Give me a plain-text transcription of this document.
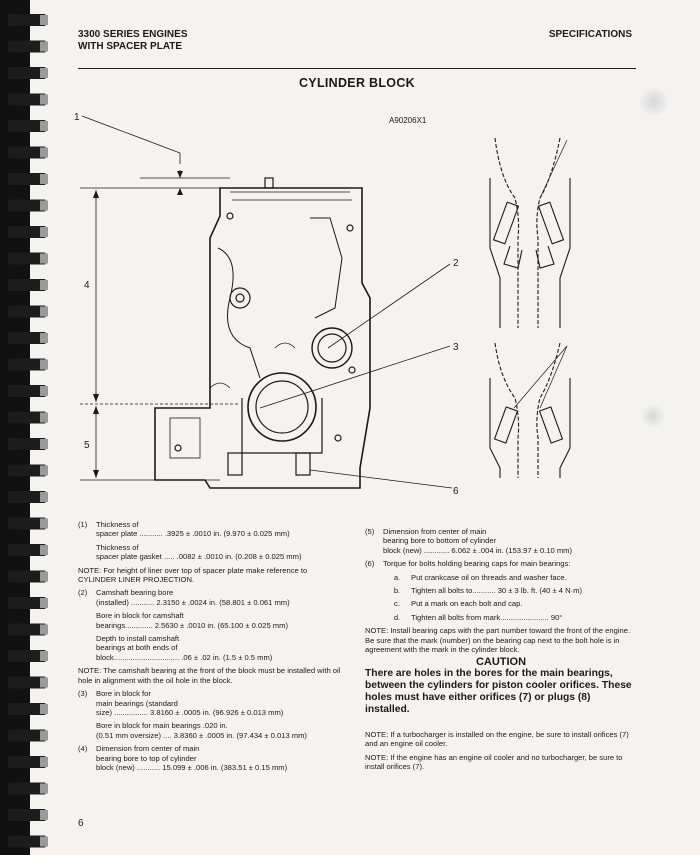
3300 SERIES ENGINES
WITH SPACER PLATE
SPECIFICATIONS
CYLINDER BLOCK
A90206X1
1
2
3
4
5
6
(1)	Thickness of
spacer plate ...........
.3925 ± .0010 in. (9.970 ± 0.025 mm)
Thickness of
spacer plate gasket .....
.0082 ± .0010 in. (0.208 ± 0.025 mm)
NOTE: For height of liner over top of spacer plate make reference to CYLINDER LINER PROJECTION.
(2)	Camshaft bearing bore
(installed) ...........
2.3150 ± .0024 in. (58.801 ± 0.061 mm)
Bore in block for camshaft
bearings.............
2.5630 ± .0010 in. (65.100 ± 0.025 mm)
Depth to install camshaft
bearings at both ends of
block...............................
.06 ± .02 in. (1.5 ± 0.5 mm)
NOTE: The camshaft bearing at the front of the block must be installed with oil hole in alignment with the oil hole in the block.
(3)	Bore in block for
main bearings (standard
size) ................
3.8160 ± .0005 in. (96.926 ± 0.013 mm)
Bore in block for main bearings .020 in.
(0.51 mm oversize) ....
3.8360 ± .0005 in. (97.434 ± 0.013 mm)
(4)	Dimension from center of main
bearing bore to top of cylinder
block (new) ...........
15.099 ± .006 in. (383.51 ± 0.15 mm)
(5)	Dimension from center of main
bearing bore to bottom of cylinder
block (new) ............
6.062 ± .004 in. (153.97 ± 0.10 mm)
(6)	Torque for bolts holding bearing caps for main bearings:
a.	Put crankcase oil on threads and washer face.
b.	Tighten all bolts to...........
30 ± 3 lb. ft. (40 ± 4 N·m)
c.	Put a mark on each bolt and cap.
d.	Tighten all bolts from mark.......................
90°
NOTE: Install bearing caps with the part number toward the front of the engine. Be sure that the mark (number) on the bearing cap next to the bolt hole is in agreement with the mark in the cylinder block.
CAUTION
There are holes in the bores for the main bearings, between the cylinders for piston cooler orifices. These holes must have either orifices (7) or plugs (8) installed.
NOTE: If a turbocharger is installed on the engine, be sure to install orifices (7) and an engine oil cooler.
NOTE: If the engine has an engine oil cooler and no turbocharger, be sure to install orifices (7).
6
